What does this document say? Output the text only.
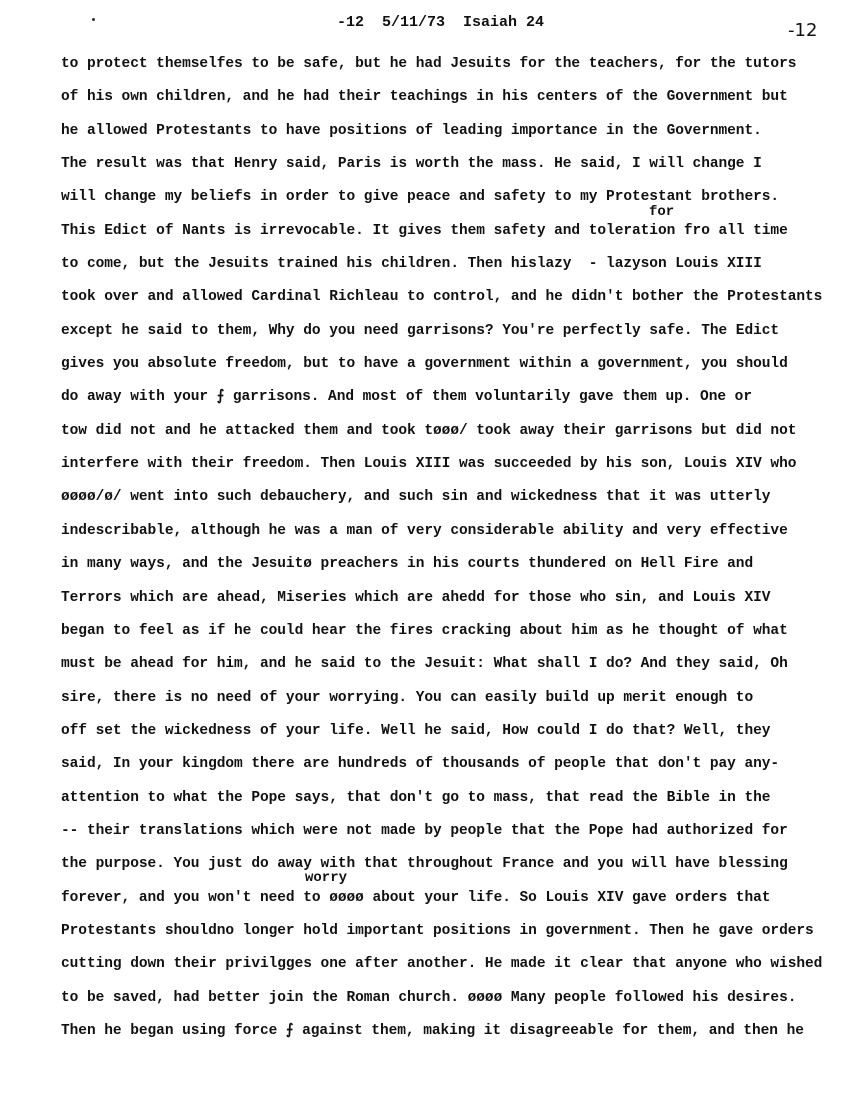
-12  5/11/73  Isaiah 24	-12
for
worry
to protect themselfes to be safe, but he had Jesuits for the teachers, for the tutors
of his own children, and he had their teachings in his centers of the Government but
he allowed Protestants to have positions of leading importance in the Government.
The result was that Henry said, Paris is worth the mass. He said, I will change I
will change my beliefs in order to give peace and safety to my Protestant brothers.
This Edict of Nants is irrevocable. It gives them safety and toleration fro all time
to come, but the Jesuits trained his children. Then hislazy  - lazyson Louis XIII
took over and allowed Cardinal Richleau to control, and he didn't bother the Protestants
except he said to them, Why do you need garrisons? You're perfectly safe. The Edict
gives you absolute freedom, but to have a government within a government, you should
do away with your ⨍ garrisons. And most of them voluntarily gave them up. One or
tow did not and he attacked them and took tøøø/ took away their garrisons but did not
interfere with their freedom. Then Louis XIII was succeeded by his son, Louis XIV who
øøøø/ø/ went into such debauchery, and such sin and wickedness that it was utterly
indescribable, although he was a man of very considerable ability and very effective
in many ways, and the Jesuitø preachers in his courts thundered on Hell Fire and
Terrors which are ahead, Miseries which are ahedd for those who sin, and Louis XIV
began to feel as if he could hear the fires cracking about him as he thought of what
must be ahead for him, and he said to the Jesuit: What shall I do? And they said, Oh
sire, there is no need of your worrying. You can easily build up merit enough to
off set the wickedness of your life. Well he said, How could I do that? Well, they
said, In your kingdom there are hundreds of thousands of people that don't pay any-
attention to what the Pope says, that don't go to mass, that read the Bible in the
-- their translations which were not made by people that the Pope had authorized for
the purpose. You just do away with that throughout France and you will have blessing
forever, and you won't need to øøøø about your life. So Louis XIV gave orders that
Protestants shouldno longer hold important positions in government. Then he gave orders
cutting down their privilgges one after another. He made it clear that anyone who wished
to be saved, had better join the Roman church. øøøø Many people followed his desires.
Then he began using force ⨍ against them, making it disagreeable for them, and then he
